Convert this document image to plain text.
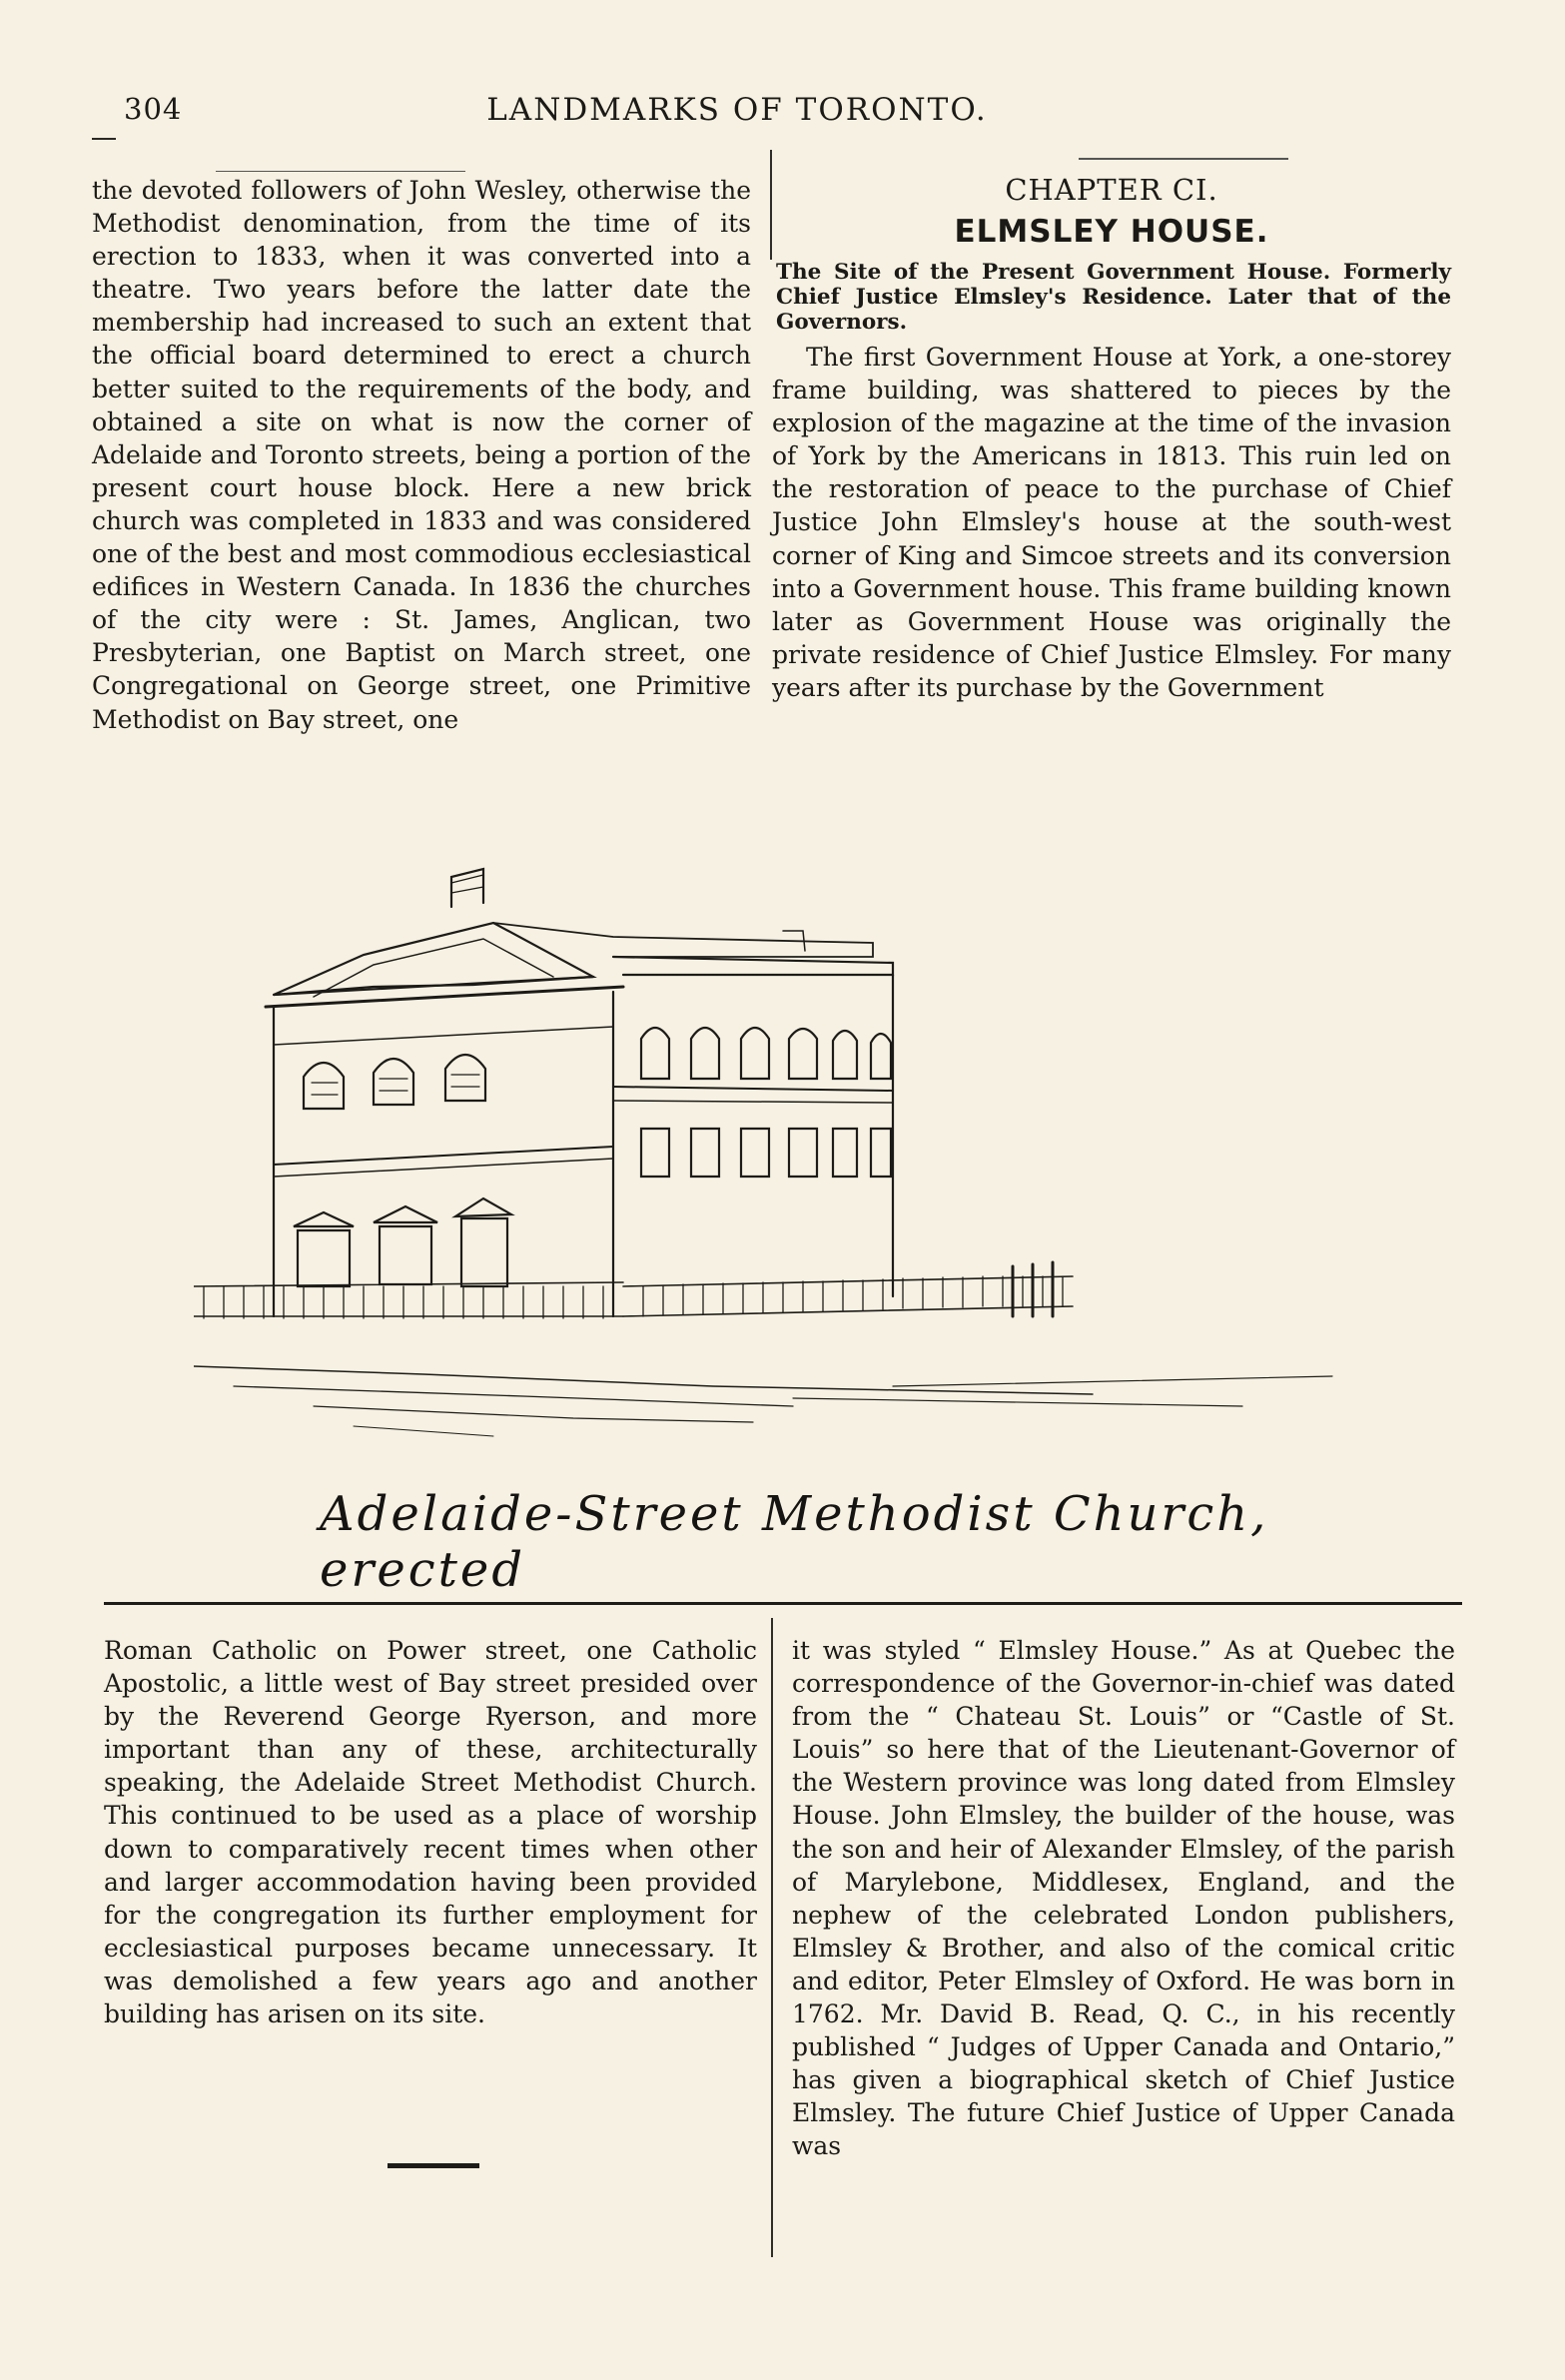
304	LANDMARKS OF TORONTO.

the devoted followers of John Wesley, otherwise the Methodist denomination, from the time of its erection to 1833, when it was converted into a theatre. Two years before the latter date the membership had increased to such an extent that the official board determined to erect a church better suited to the requirements of the body, and obtained a site on what is now the corner of Adelaide and Toronto streets, being a portion of the present court house block. Here a new brick church was completed in 1833 and was considered one of the best and most commodious ecclesiastical edifices in Western Canada. In 1836 the churches of the city were : St. James, Anglican, two Presbyterian, one Baptist on March street, one Congregational on George street, one Primitive Methodist on Bay street, one

CHAPTER CI.
ELMSLEY HOUSE.
The Site of the Present Government House. Formerly Chief Justice Elmsley's Residence. Later that of the Governors.

The first Government House at York, a one-storey frame building, was shattered to pieces by the explosion of the magazine at the time of the invasion of York by the Americans in 1813. This ruin led on the restoration of peace to the purchase of Chief Justice John Elmsley's house at the south-west corner of King and Simcoe streets and its conversion into a Government house. This frame building known later as Government House was originally the private residence of Chief Justice Elmsley. For many years after its purchase by the Government

Adelaide-Street Methodist Church, erected

Roman Catholic on Power street, one Catholic Apostolic, a little west of Bay street presided over by the Reverend George Ryerson, and more important than any of these, architecturally speaking, the Adelaide Street Methodist Church. This continued to be used as a place of worship down to comparatively recent times when other and larger accommodation having been provided for the congregation its further employment for ecclesiastical purposes became unnecessary. It was demolished a few years ago and another building has arisen on its site.

it was styled “ Elmsley House.” As at Quebec the correspondence of the Governor-in-chief was dated from the “ Chateau St. Louis” or “Castle of St. Louis” so here that of the Lieutenant-Governor of the Western province was long dated from Elmsley House. John Elmsley, the builder of the house, was the son and heir of Alexander Elmsley, of the parish of Marylebone, Middlesex, England, and the nephew of the celebrated London publishers, Elmsley & Brother, and also of the comical critic and editor, Peter Elmsley of Oxford. He was born in 1762. Mr. David B. Read, Q. C., in his recently published “ Judges of Upper Canada and Ontario,” has given a biographical sketch of Chief Justice Elmsley. The future Chief Justice of Upper Canada was
